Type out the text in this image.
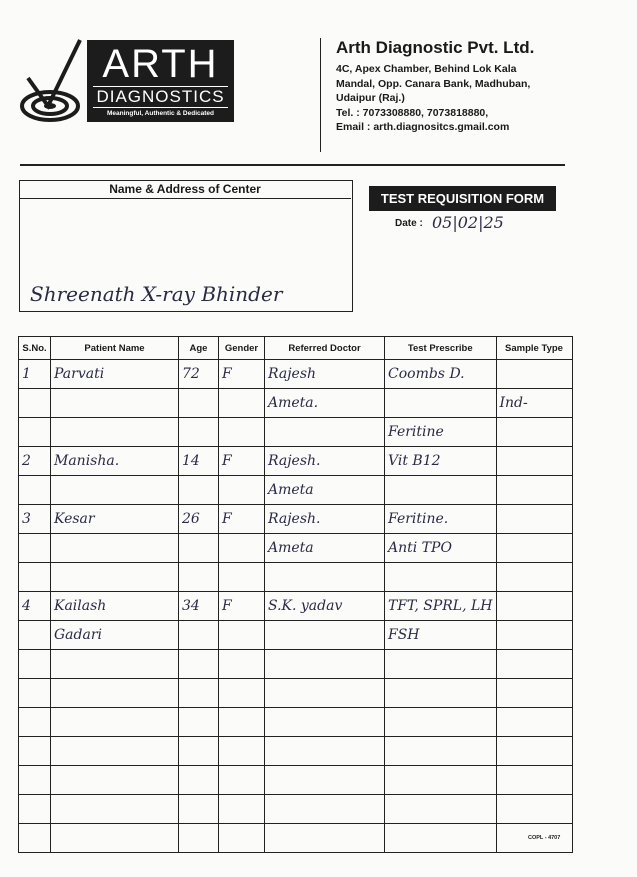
ARTH
DIAGNOSTICS
Meaningful, Authentic & Dedicated
Arth Diagnostic Pvt. Ltd.
4C, Apex Chamber, Behind Lok Kala
Mandal, Opp. Canara Bank, Madhuban,
Udaipur (Raj.)
Tel. : 7073308880, 7073818880,
Email : arth.diagnositcs.gmail.com
Name & Address of Center
Shreenath X-ray Bhinder
TEST REQUISITION FORM
Date : 05|02|25
S.No.	Patient Name	Age	Gender	Referred Doctor	Test Prescribe	Sample Type
1	Parvati	72	F	Rajesh	Coombs D.	
				Ameta.		Ind-
					Feritine	
2	Manisha.	14	F	Rajesh.	Vit B12	
				Ameta		
3	Kesar	26	F	Rajesh.	Feritine.	
				Ameta	Anti TPO	

4	Kailash	34	F	S.K. yadav	TFT, SPRL, LH	
	Gadari				FSH	

COPL - 4707
